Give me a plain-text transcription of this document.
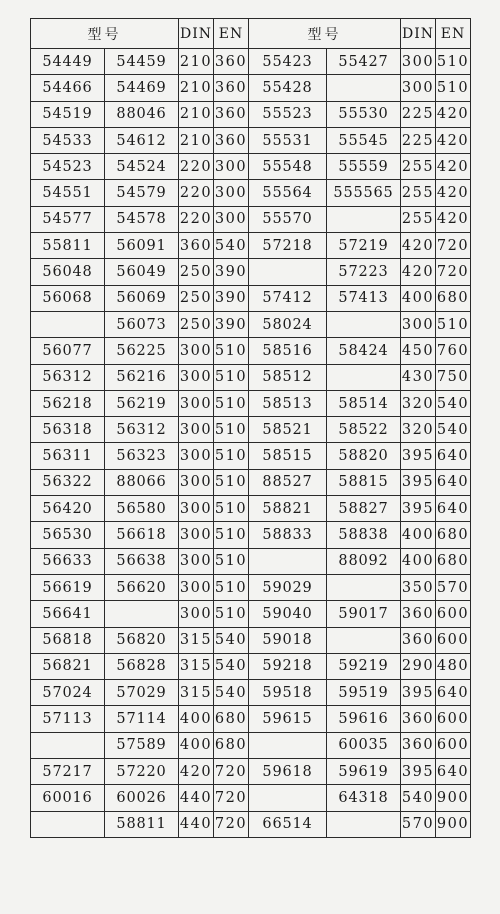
型号		DIN	EN	型号		DIN	EN
54449	54459	210	360	55423	55427	300	510
54466	54469	210	360	55428		300	510
54519	88046	210	360	55523	55530	225	420
54533	54612	210	360	55531	55545	225	420
54523	54524	220	300	55548	55559	255	420
54551	54579	220	300	55564	555565	255	420
54577	54578	220	300	55570		255	420
55811	56091	360	540	57218	57219	420	720
56048	56049	250	390		57223	420	720
56068	56069	250	390	57412	57413	400	680
	56073	250	390	58024		300	510
56077	56225	300	510	58516	58424	450	760
56312	56216	300	510	58512		430	750
56218	56219	300	510	58513	58514	320	540
56318	56312	300	510	58521	58522	320	540
56311	56323	300	510	58515	58820	395	640
56322	88066	300	510	88527	58815	395	640
56420	56580	300	510	58821	58827	395	640
56530	56618	300	510	58833	58838	400	680
56633	56638	300	510		88092	400	680
56619	56620	300	510	59029		350	570
56641		300	510	59040	59017	360	600
56818	56820	315	540	59018		360	600
56821	56828	315	540	59218	59219	290	480
57024	57029	315	540	59518	59519	395	640
57113	57114	400	680	59615	59616	360	600
	57589	400	680		60035	360	600
57217	57220	420	720	59618	59619	395	640
60016	60026	440	720		64318	540	900
	58811	440	720	66514		570	900
